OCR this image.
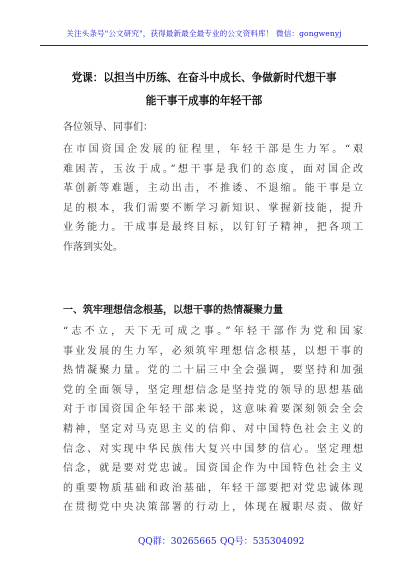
关注头条号"公文研究"，获得最新最全最专业的公文资料库！ 微信：gongwenyj
党课：以担当中历练、在奋斗中成长、争做新时代想干事
能干事干成事的年轻干部
各位领导、同事们：
在市国资国企发展的征程里，年轻干部是生力军。“艰
难困苦，玉汝于成。”想干事是我们的态度，面对国企改
革创新等难题，主动出击，不推诿、不退缩。能干事是立
足的根本，我们需要不断学习新知识、掌握新技能，提升
业务能力。干成事是最终目标，以钉钉子精神，把各项工
作落到实处。
一、筑牢理想信念根基，以想干事的热情凝聚力量
“志不立，天下无可成之事。”年轻干部作为党和国家
事业发展的生力军，必须筑牢理想信念根基，以想干事的
热情凝聚力量。党的二十届三中全会强调，要坚持和加强
党的全面领导，坚定理想信念是坚持党的领导的思想基础
对于市国资国企年轻干部来说，这意味着要深刻领会全会
精神，坚定对马克思主义的信仰、对中国特色社会主义的
信念、对实现中华民族伟大复兴中国梦的信心。坚定理想
信念，就是要对党忠诚。国资国企作为中国特色社会主义
的重要物质基础和政治基础，年轻干部要把对党忠诚体现
在贯彻党中央决策部署的行动上，体现在履职尽责、做好
QQ群：30265665 QQ号：535304092
